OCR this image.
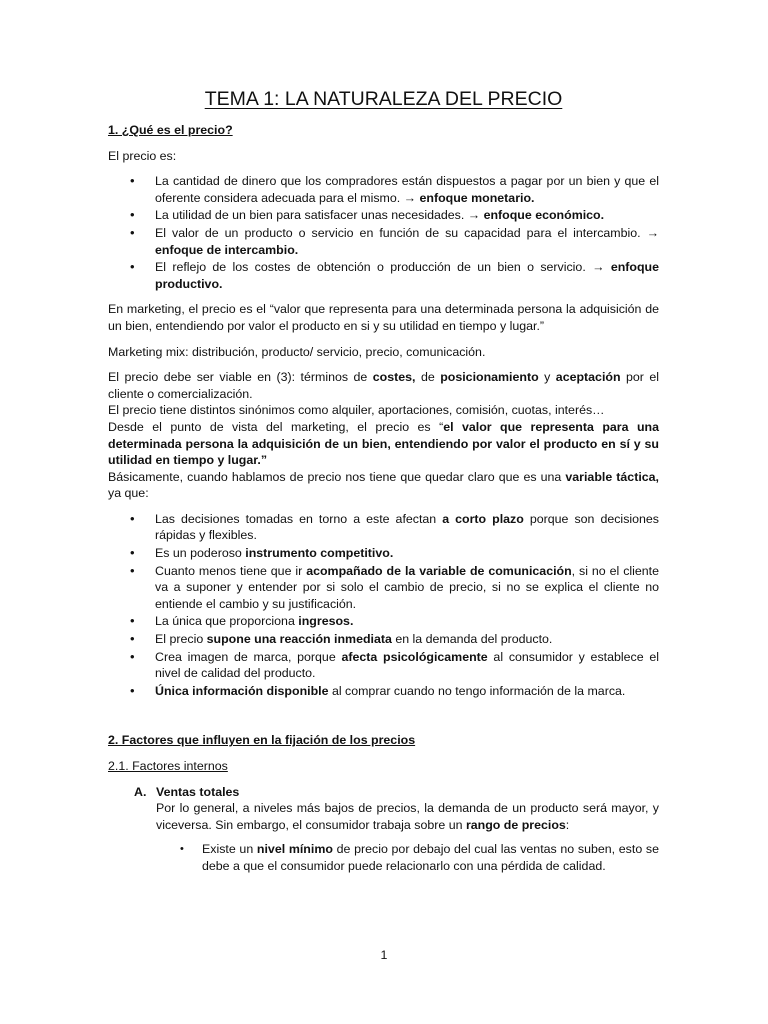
TEMA 1: LA NATURALEZA DEL PRECIO
1. ¿Qué es el precio?

El precio es:

• La cantidad de dinero que los compradores están dispuestos a pagar por un bien y que el oferente considera adecuada para el mismo. → enfoque monetario.
• La utilidad de un bien para satisfacer unas necesidades. → enfoque económico.
• El valor de un producto o servicio en función de su capacidad para el intercambio. → enfoque de intercambio.
• El reflejo de los costes de obtención o producción de un bien o servicio. → enfoque productivo.

En marketing, el precio es el “valor que representa para una determinada persona la adquisición de un bien, entendiendo por valor el producto en si y su utilidad en tiempo y lugar.”

Marketing mix: distribución, producto/ servicio, precio, comunicación.

El precio debe ser viable en (3): términos de costes, de posicionamiento y aceptación por el cliente o comercialización.

El precio tiene distintos sinónimos como alquiler, aportaciones, comisión, cuotas, interés…

Desde el punto de vista del marketing, el precio es “el valor que representa para una determinada persona la adquisición de un bien, entendiendo por valor el producto en sí y su utilidad en tiempo y lugar.”

Básicamente, cuando hablamos de precio nos tiene que quedar claro que es una variable táctica, ya que:

• Las decisiones tomadas en torno a este afectan a corto plazo porque son decisiones rápidas y flexibles.
• Es un poderoso instrumento competitivo.
• Cuanto menos tiene que ir acompañado de la variable de comunicación, si no el cliente va a suponer y entender por si solo el cambio de precio, si no se explica el cliente no entiende el cambio y su justificación.
• La única que proporciona ingresos.
• El precio supone una reacción inmediata en la demanda del producto.
• Crea imagen de marca, porque afecta psicológicamente al consumidor y establece el nivel de calidad del producto.
• Única información disponible al comprar cuando no tengo información de la marca.
2. Factores que influyen en la fijación de los precios
2.1. Factores internos
A. Ventas totales
Por lo general, a niveles más bajos de precios, la demanda de un producto será mayor, y viceversa. Sin embargo, el consumidor trabaja sobre un rango de precios:
• Existe un nivel mínimo de precio por debajo del cual las ventas no suben, esto se debe a que el consumidor puede relacionarlo con una pérdida de calidad.
1
